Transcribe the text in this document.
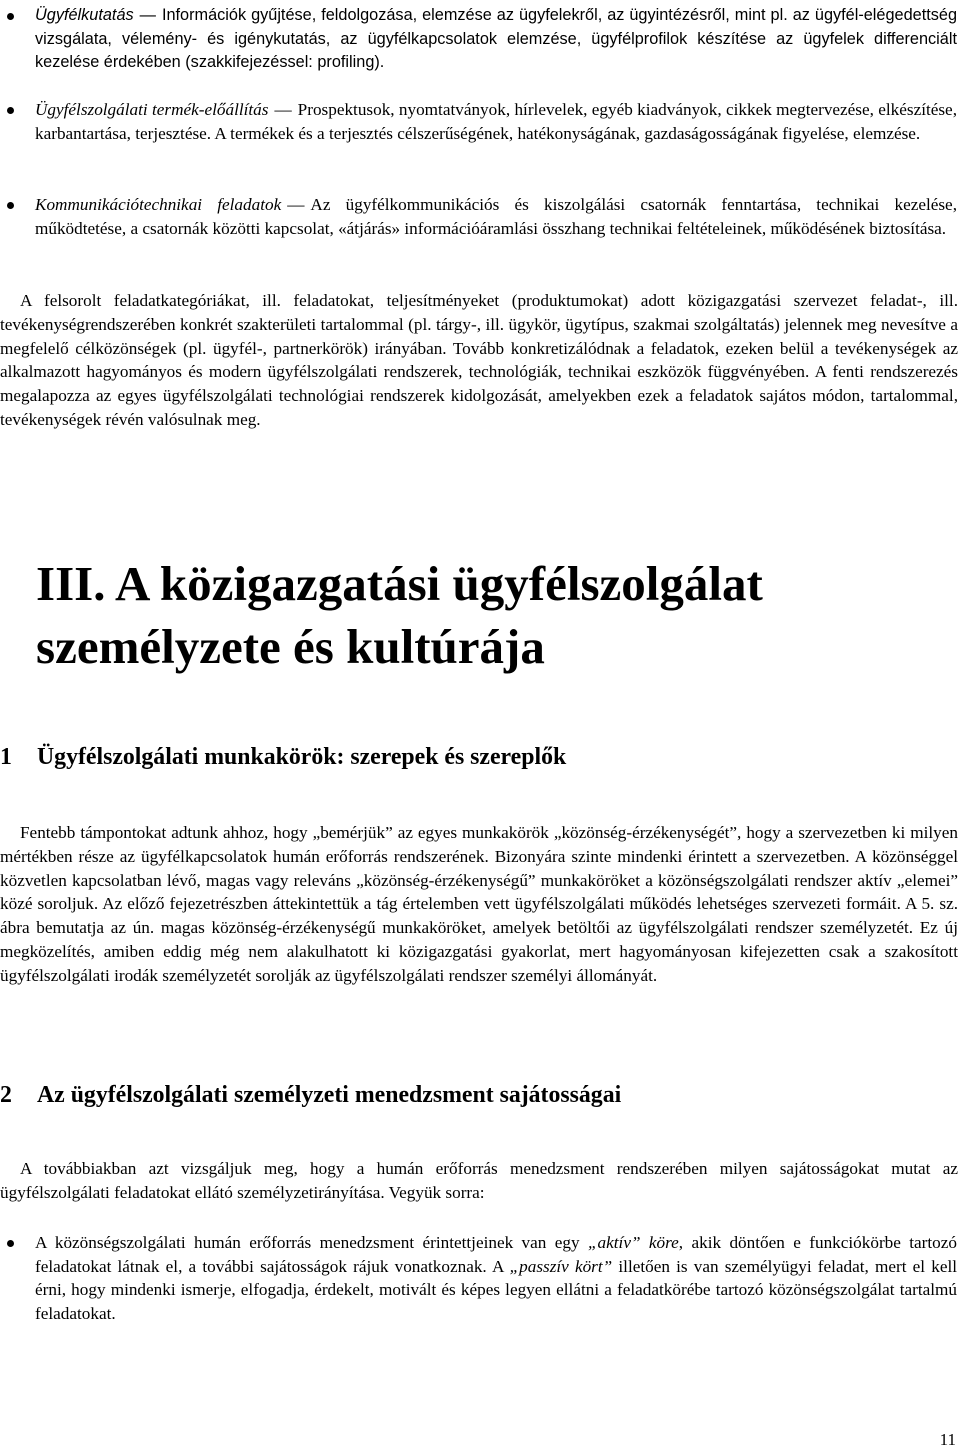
Ügyfélkutatás — Információk gyűjtése, feldolgozása, elemzése az ügyfelekről, az ügyintézésről, mint pl. az ügyfél-elégedettség vizsgálata, vélemény- és igénykutatás, az ügyfélkapcsolatok elemzése, ügyfélprofilok készítése az ügyfelek differenciált kezelése érdekében (szakkifejezéssel: profiling).
Ügyfélszolgálati termék-előállítás — Prospektusok, nyomtatványok, hírlevelek, egyéb kiadványok, cikkek megtervezése, elkészítése, karbantartása, terjesztése. A termékek és a terjesztés célszerűségének, hatékonyságának, gazdaságosságának figyelése, elemzése.
Kommunikációtechnikai feladatok — Az ügyfélkommunikációs és kiszolgálási csatornák fenntartása, technikai kezelése, működtetése, a csatornák közötti kapcsolat, «átjárás» információáramlási összhang technikai feltételeinek, működésének biztosítása.

A felsorolt feladatkategóriákat, ill. feladatokat, teljesítményeket (produktumokat) adott közigazgatási szervezet feladat-, ill. tevékenységrendszerében konkrét szakterületi tartalommal (pl. tárgy-, ill. ügykör, ügytípus, szakmai szolgáltatás) jelennek meg nevesítve a megfelelő célközönségek (pl. ügyfél-, partnerkörök) irányában. Tovább konkretizálódnak a feladatok, ezeken belül a tevékenységek az alkalmazott hagyományos és modern ügyfélszolgálati rendszerek, technológiák, technikai eszközök függvényében. A fenti rendszerezés megalapozza az egyes ügyfélszolgálati technológiai rendszerek kidolgozását, amelyekben ezek a feladatok sajátos módon, tartalommal, tevékenységek révén valósulnak meg.

III. A közigazgatási ügyfélszolgálat személyzete és kultúrája
1 Ügyfélszolgálati munkakörök: szerepek és szereplők

Fentebb támpontokat adtunk ahhoz, hogy „bemérjük” az egyes munkakörök „közönség-érzékenységét”, hogy a szervezetben ki milyen mértékben része az ügyfélkapcsolatok humán erőforrás rendszerének. Bizonyára szinte mindenki érintett a szervezetben. A közönséggel közvetlen kapcsolatban lévő, magas vagy releváns „közönség-érzékenységű” munkaköröket a közönségszolgálati rendszer aktív „elemei” közé soroljuk. Az előző fejezetrészben áttekintettük a tág értelemben vett ügyfélszolgálati működés lehetséges szervezeti formáit. A 5. sz. ábra bemutatja az ún. magas közönség-érzékenységű munkaköröket, amelyek betöltői az ügyfélszolgálati rendszer személyzetét. Ez új megközelítés, amiben eddig még nem alakulhatott ki közigazgatási gyakorlat, mert hagyományosan kifejezetten csak a szakosított ügyfélszolgálati irodák személyzetét sorolják az ügyfélszolgálati rendszer személyi állományát.

2 Az ügyfélszolgálati személyzeti menedzsment sajátosságai

A továbbiakban azt vizsgáljuk meg, hogy a humán erőforrás menedzsment rendszerében milyen sajátosságokat mutat az ügyfélszolgálati feladatokat ellátó személyzetirányítása. Vegyük sorra:

A közönségszolgálati humán erőforrás menedzsment érintettjeinek van egy „aktív” köre, akik döntően e funkciókörbe tartozó feladatokat látnak el, a további sajátosságok rájuk vonatkoznak. A „passzív kört” illetően is van személyügyi feladat, mert el kell érni, hogy mindenki ismerje, elfogadja, érdekelt, motivált és képes legyen ellátni a feladatkörébe tartozó közönségszolgálat tartalmú feladatokat.
11
